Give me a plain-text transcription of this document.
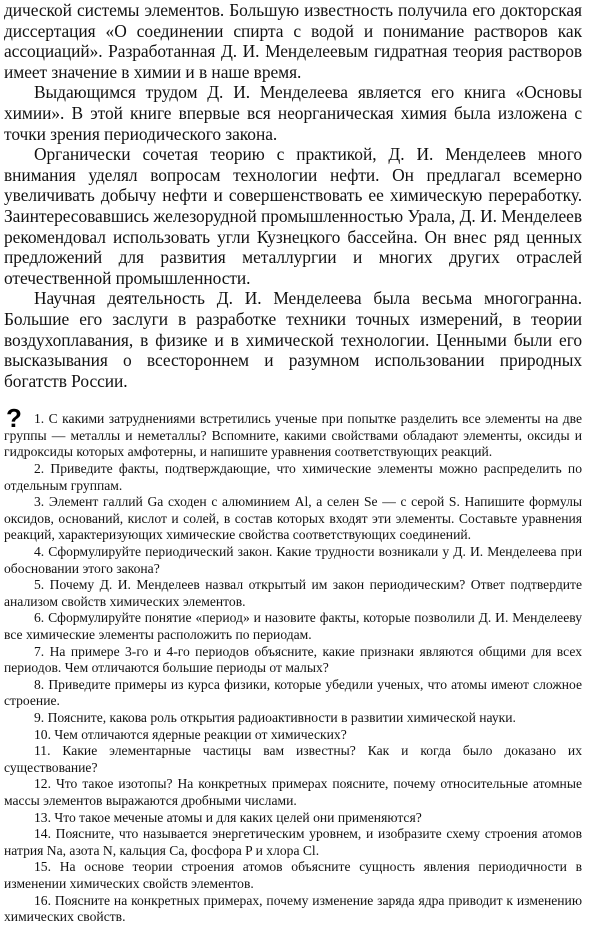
дической системы элементов. Большую известность получила его докторская диссертация «О соединении спирта с водой и понимание растворов как ассоциаций». Разработанная Д. И. Менделеевым гидратная теория растворов имеет значение в химии и в наше время.

Выдающимся трудом Д. И. Менделеева является его книга «Основы химии». В этой книге впервые вся неорганическая химия была изложена с точки зрения периодического закона.

Органически сочетая теорию с практикой, Д. И. Менделеев много внимания уделял вопросам технологии нефти. Он предлагал всемерно увеличивать добычу нефти и совершенствовать ее химическую переработку. Заинтересовавшись железорудной промышленностью Урала, Д. И. Менделеев рекомендовал использовать угли Кузнецкого бассейна. Он внес ряд ценных предложений для развития металлургии и многих других отраслей отечественной промышленности.

Научная деятельность Д. И. Менделеева была весьма многогранна. Большие его заслуги в разработке техники точных измерений, в теории воздухоплавания, в физике и в химической технологии. Ценными были его высказывания о всестороннем и разумном использовании природных богатств России.

? 1. С какими затруднениями встретились ученые при попытке разделить все элементы на две группы — металлы и неметаллы? Вспомните, какими свойствами обладают элементы, оксиды и гидроксиды которых амфотерны, и напишите уравнения соответствующих реакций.

2. Приведите факты, подтверждающие, что химические элементы можно распределить по отдельным группам.

3. Элемент галлий Ga сходен с алюминием Al, а селен Se — с серой S. Напишите формулы оксидов, оснований, кислот и солей, в состав которых входят эти элементы. Составьте уравнения реакций, характеризующих химические свойства соответствующих соединений.

4. Сформулируйте периодический закон. Какие трудности возникали у Д. И. Менделеева при обосновании этого закона?

5. Почему Д. И. Менделеев назвал открытый им закон периодическим? Ответ подтвердите анализом свойств химических элементов.

6. Сформулируйте понятие «период» и назовите факты, которые позволили Д. И. Менделееву все химические элементы расположить по периодам.

7. На примере 3-го и 4-го периодов объясните, какие признаки являются общими для всех периодов. Чем отличаются большие периоды от малых?

8. Приведите примеры из курса физики, которые убедили ученых, что атомы имеют сложное строение.

9. Поясните, какова роль открытия радиоактивности в развитии химической науки.

10. Чем отличаются ядерные реакции от химических?

11. Какие элементарные частицы вам известны? Как и когда было доказано их существование?

12. Что такое изотопы? На конкретных примерах поясните, почему относительные атомные массы элементов выражаются дробными числами.

13. Что такое меченые атомы и для каких целей они применяются?

14. Поясните, что называется энергетическим уровнем, и изобразите схему строения атомов натрия Na, азота N, кальция Ca, фосфора P и хлора Cl.

15. На основе теории строения атомов объясните сущность явления периодичности в изменении химических свойств элементов.

16. Поясните на конкретных примерах, почему изменение заряда ядра приводит к изменению химических свойств.
